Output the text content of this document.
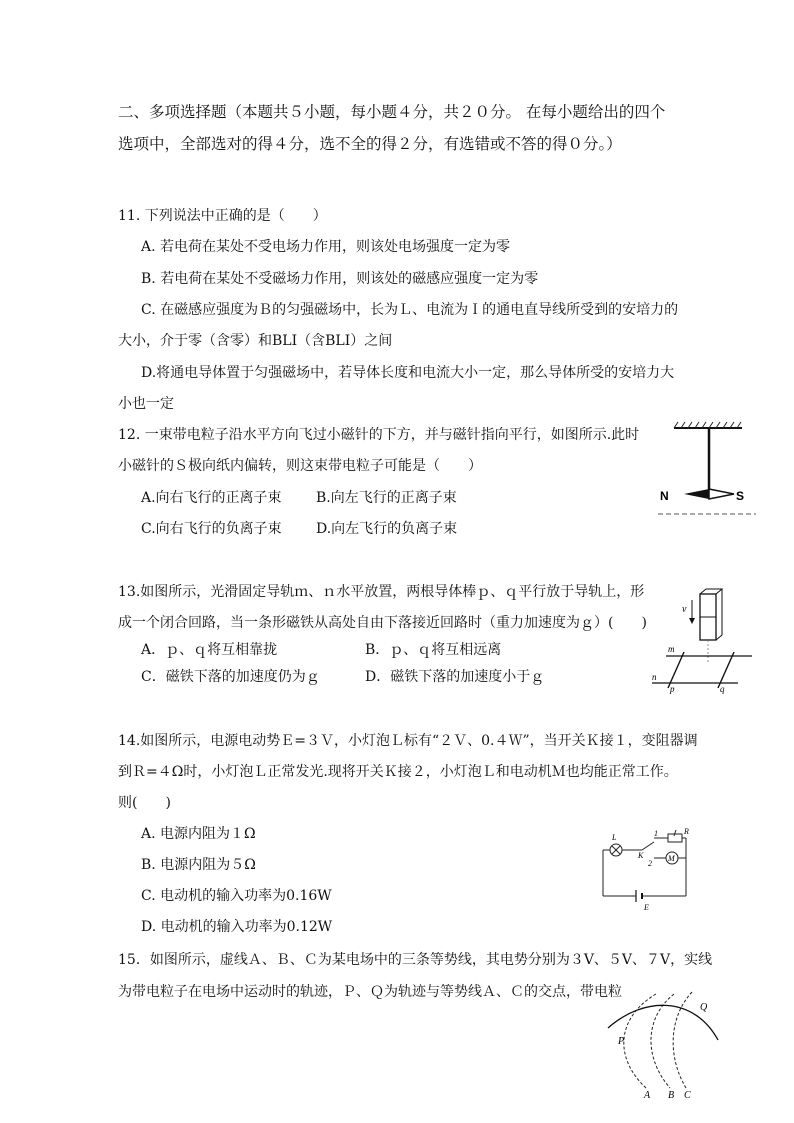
二、多项选择题（本题共５小题，每小题４分，共２０分。 在每小题给出的四个
选项中，全部选对的得４分，选不全的得２分，有选错或不答的得０分。）
11. 下列说法中正确的是（　　）
A. 若电荷在某处不受电场力作用，则该处电场强度一定为零
B. 若电荷在某处不受磁场力作用，则该处的磁感应强度一定为零
C. 在磁感应强度为Ｂ的匀强磁场中，长为Ｌ、电流为Ｉ的通电直导线所受到的安培力的
大小，介于零（含零）和BLI（含BLI）之间
D.将通电导体置于匀强磁场中，若导体长度和电流大小一定，那么导体所受的安培力大
小也一定
12. 一束带电粒子沿水平方向飞过小磁针的下方，并与磁针指向平行，如图所示.此时
小磁针的Ｓ极向纸内偏转，则这束带电粒子可能是（　　）
A.向右飞行的正离子束 B.向左飞行的正离子束
C.向右飞行的负离子束 D.向左飞行的负离子束
N	S
13.如图所示，光滑固定导轨ｍ、ｎ水平放置，两根导体棒ｐ、ｑ平行放于导轨上，形
成一个闭合回路，当一条形磁铁从高处自由下落接近回路时（重力加速度为ｇ）(　　)
A．ｐ、ｑ将互相靠拢	B．ｐ、ｑ将互相远离
C．磁铁下落的加速度仍为ｇ	D．磁铁下落的加速度小于ｇ
v
m
n
p	q
14.如图所示，电源电动势Ｅ=３Ｖ，小灯泡Ｌ标有“２Ｖ、0.４Ｗ”，当开关Ｋ接１，变阻器调
到Ｒ=４Ω时，小灯泡Ｌ正常发光.现将开关Ｋ接２，小灯泡Ｌ和电动机Ｍ也均能正常工作。
则(　　)
A. 电源内阻为１Ω
B. 电源内阻为５Ω
C. 电动机的输入功率为0.16W
D. 电动机的输入功率为0.12W
L	1
K
2
R
M
E
15．如图所示，虚线Ａ、Ｂ、Ｃ为某电场中的三条等势线，其电势分别为３V、５V、７V，实线
为带电粒子在电场中运动时的轨迹，Ｐ、Ｑ为轨迹与等势线Ａ、Ｃ的交点，带电粒
P
Q
A B C
